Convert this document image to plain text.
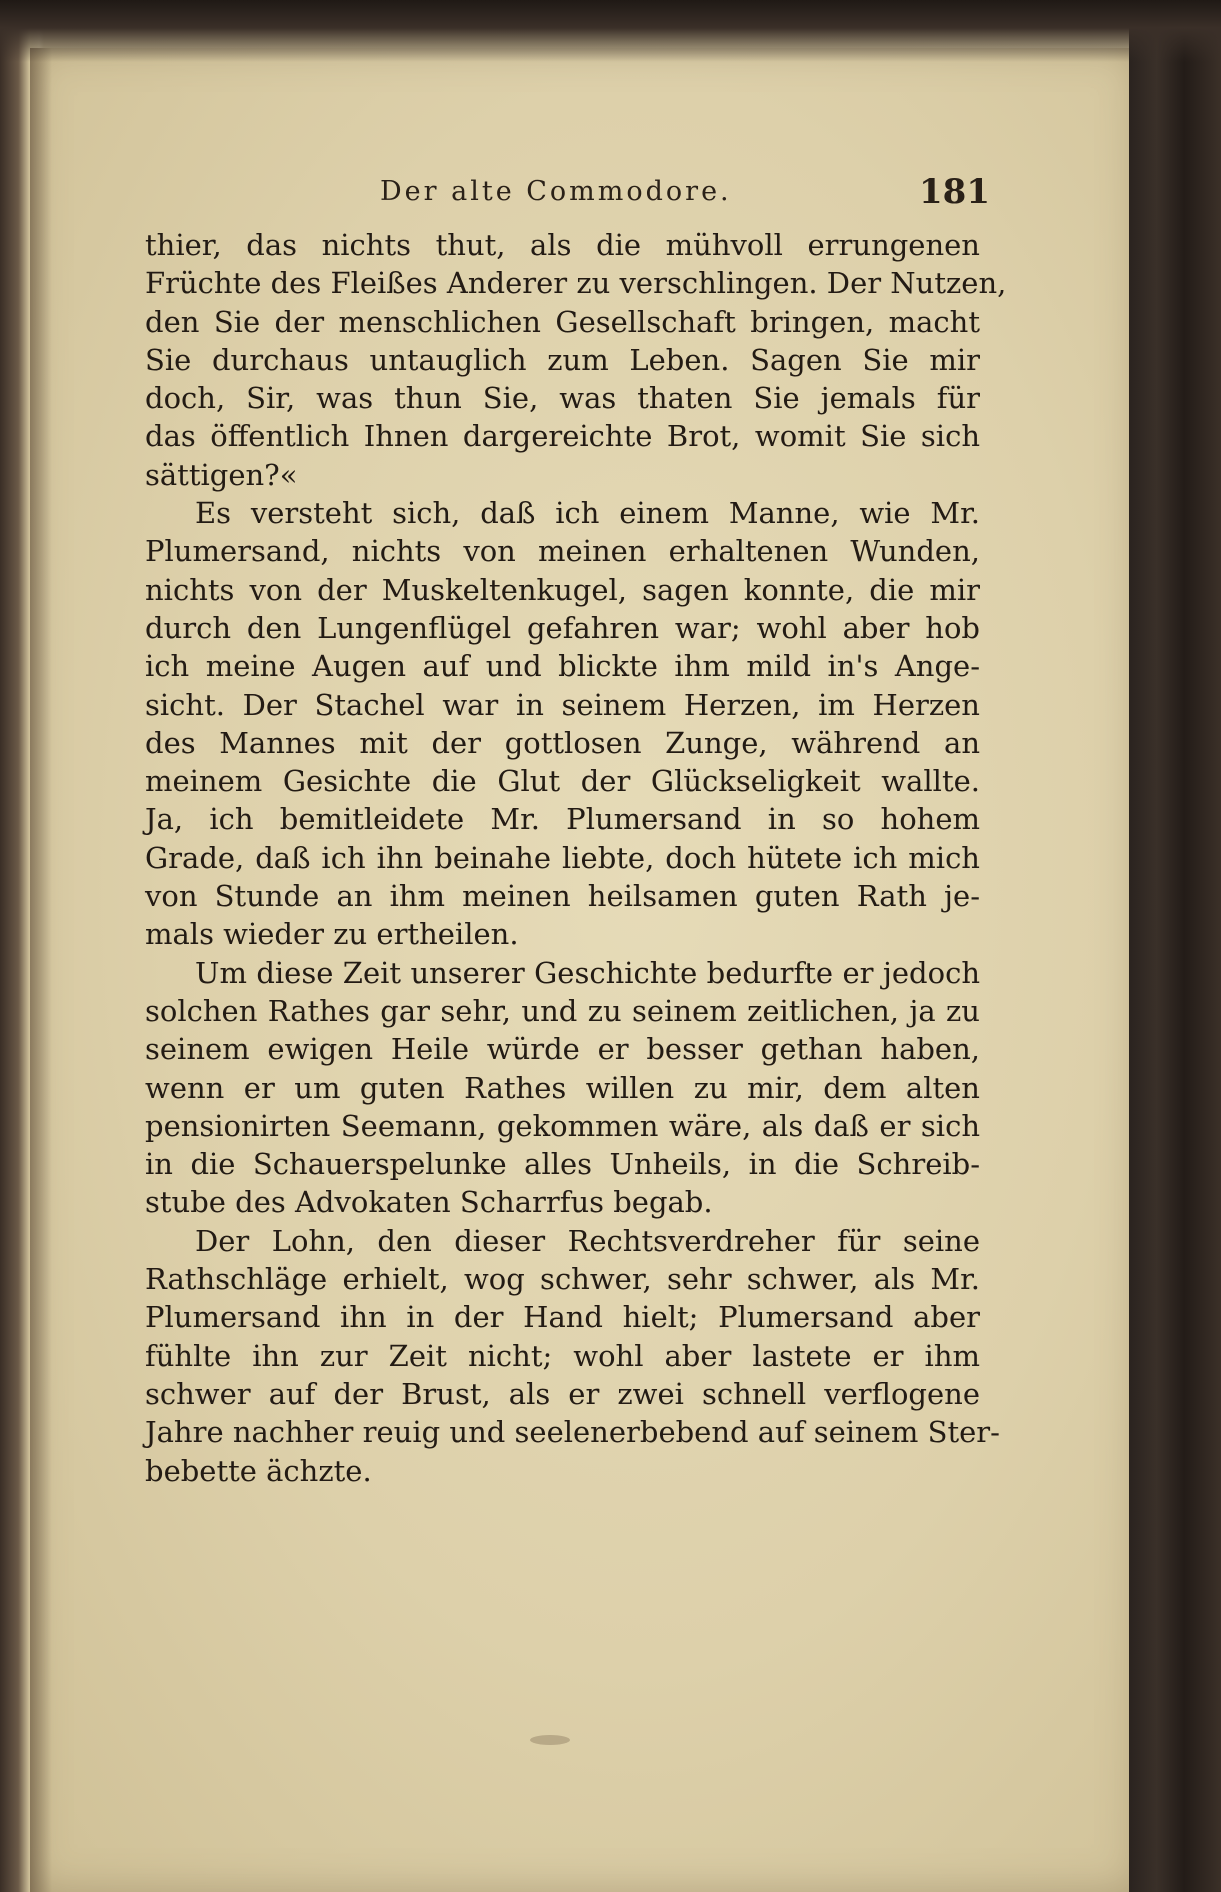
Der alte Commodore.	181
thier, das nichts thut, als die mühvoll errungenen
Früchte des Fleißes Anderer zu verschlingen. Der Nutzen,
den Sie der menschlichen Gesellschaft bringen, macht
Sie durchaus untauglich zum Leben. Sagen Sie mir
doch, Sir, was thun Sie, was thaten Sie jemals für
das öffentlich Ihnen dargereichte Brot, womit Sie sich
sättigen?«
Es versteht sich, daß ich einem Manne, wie Mr.
Plumersand, nichts von meinen erhaltenen Wunden,
nichts von der Muskeltenkugel, sagen konnte, die mir
durch den Lungenflügel gefahren war; wohl aber hob
ich meine Augen auf und blickte ihm mild in's Ange-
sicht. Der Stachel war in seinem Herzen, im Herzen
des Mannes mit der gottlosen Zunge, während an
meinem Gesichte die Glut der Glückseligkeit wallte.
Ja, ich bemitleidete Mr. Plumersand in so hohem
Grade, daß ich ihn beinahe liebte, doch hütete ich mich
von Stunde an ihm meinen heilsamen guten Rath je-
mals wieder zu ertheilen.
Um diese Zeit unserer Geschichte bedurfte er jedoch
solchen Rathes gar sehr, und zu seinem zeitlichen, ja zu
seinem ewigen Heile würde er besser gethan haben,
wenn er um guten Rathes willen zu mir, dem alten
pensionirten Seemann, gekommen wäre, als daß er sich
in die Schauerspelunke alles Unheils, in die Schreib-
stube des Advokaten Scharrfus begab.
Der Lohn, den dieser Rechtsverdreher für seine
Rathschläge erhielt, wog schwer, sehr schwer, als Mr.
Plumersand ihn in der Hand hielt; Plumersand aber
fühlte ihn zur Zeit nicht; wohl aber lastete er ihm
schwer auf der Brust, als er zwei schnell verflogene
Jahre nachher reuig und seelenerbebend auf seinem Ster-
bebette ächzte.
